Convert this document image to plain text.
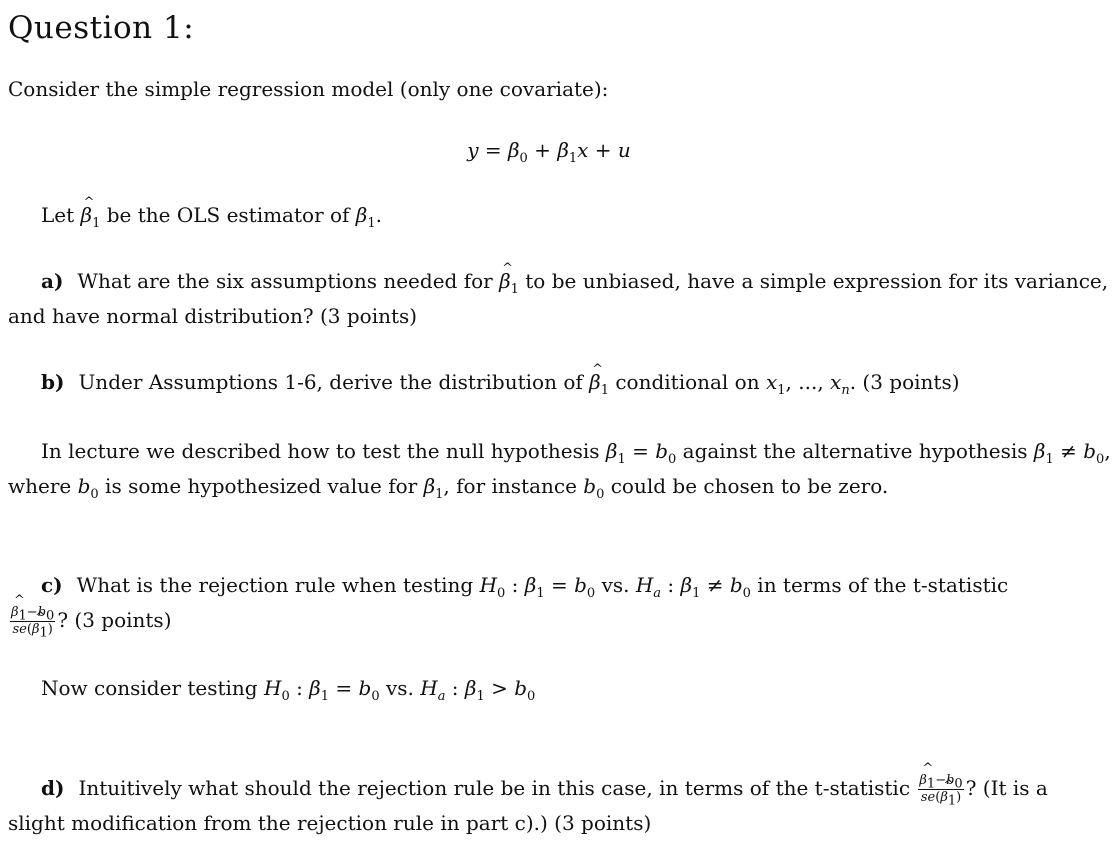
Question 1:
Consider the simple regression model (only one covariate):
$y = \beta_0 + \beta_1x + u$
Let ^ $\beta_1$ be the OLS estimator of $\beta_1$.
a) What are the six assumptions needed for ^ $\beta_1$ to be unbiased, have a simple expression for its variance,
and have normal distribution? (3 points)
b) Under Assumptions 1-6, derive the distribution of ^ $\beta_1$ conditional on $x_1$, ..., $x_n$. (3 points)
In lecture we described how to test the null hypothesis $\beta_1 = b_0$ against the alternative hypothesis $\beta_1 \ne b_0$,
where $b_0$ is some hypothesized value for $\beta_1$, for instance $b_0$ could be chosen to be zero.
c) What is the rejection rule when testing $H_0$ : $\beta_1 = b_0$ vs. $H_a$ : $\beta_1 \ne b_0$ in terms of the t-statistic
^ $\frac{\beta_1-b_0}{se(\^{} \beta_1)}$ ? (3 points)
Now consider testing $H_0$ : $\beta_1 = b_0$ vs. $H_a$ : $\beta_1 > b_0$
d) Intuitively what should the rejection rule be in this case, in terms of the t-statistic ^ $\frac{\beta_1-b_0}{se(\^{} \beta_1)}$ ? (It is a
slight modification from the rejection rule in part c).) (3 points)
